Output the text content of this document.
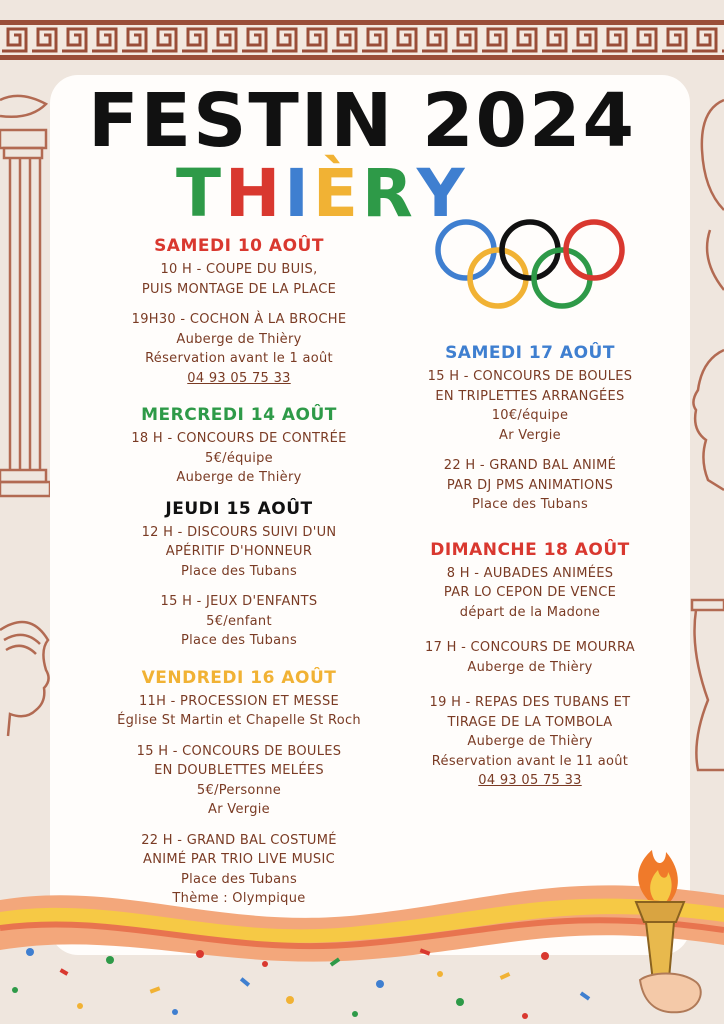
FESTIN 2024
THIÈRY
SAMEDI 10 AOÛT
10 H - COUPE DU BUIS,
PUIS MONTAGE DE LA PLACE
19H30 - COCHON À LA BROCHE
Auberge de Thièry
Réservation avant le 1 août
04 93 05 75 33
MERCREDI 14 AOÛT
18 H - CONCOURS DE CONTRÉE
5€/équipe
Auberge de Thièry
JEUDI 15 AOÛT
12 H - DISCOURS SUIVI D'UN
APÉRITIF D'HONNEUR
Place des Tubans
15 H - JEUX D'ENFANTS
5€/enfant
Place des Tubans
VENDREDI 16 AOÛT
11H - PROCESSION ET MESSE
Église St Martin et Chapelle St Roch
15 H - CONCOURS DE BOULES
EN DOUBLETTES MELÉES
5€/Personne
Ar Vergie
22 H - GRAND BAL COSTUMÉ
ANIMÉ PAR TRIO LIVE MUSIC
Place des Tubans
Thème : Olympique
SAMEDI 17 AOÛT
15 H - CONCOURS DE BOULES
EN TRIPLETTES ARRANGÉES
10€/équipe
Ar Vergie
22 H - GRAND BAL ANIMÉ
PAR DJ PMS ANIMATIONS
Place des Tubans
DIMANCHE 18 AOÛT
8 H - AUBADES ANIMÉES
PAR LO CEPON DE VENCE
départ de la Madone
17 H - CONCOURS DE MOURRA
Auberge de Thièry
19 H - REPAS DES TUBANS ET
TIRAGE DE LA TOMBOLA
Auberge de Thièry
Réservation avant le 11 août
04 93 05 75 33
